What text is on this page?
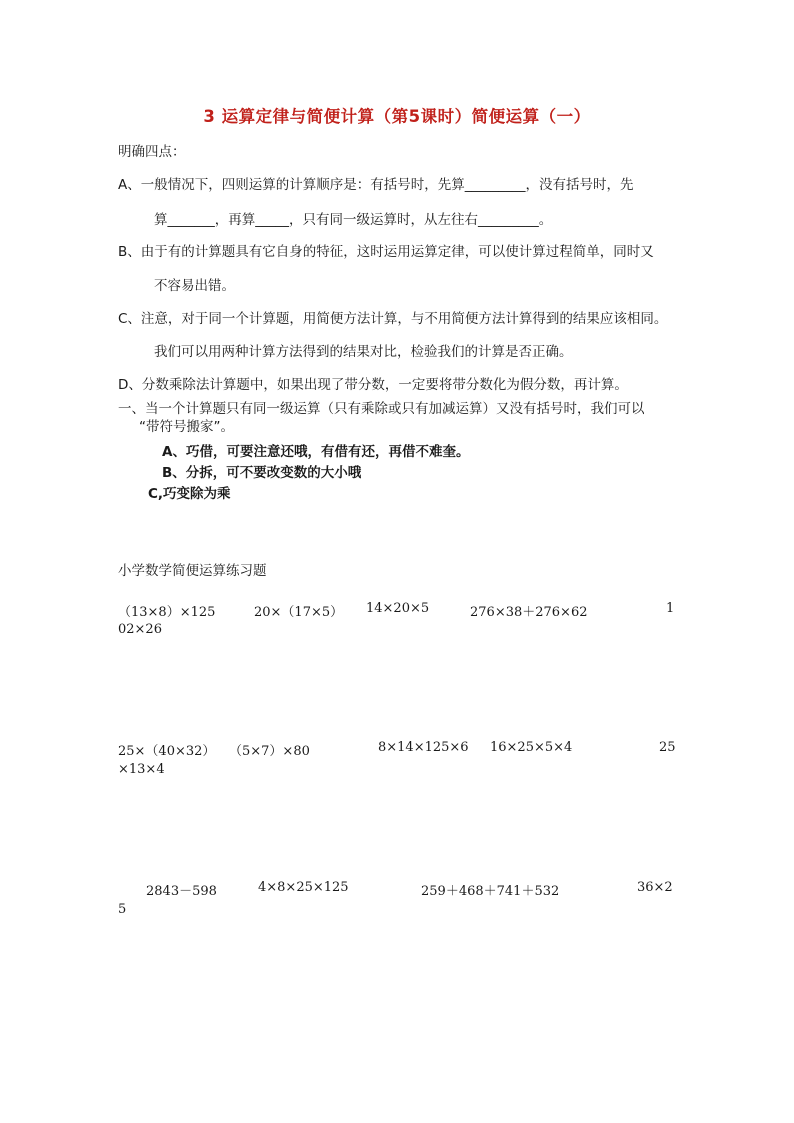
3 运算定律与简便计算（第5课时）简便运算（一）
明确四点：
A、一般情况下，四则运算的计算顺序是：有括号时，先算_________，没有括号时，先
算_______，再算_____，只有同一级运算时，从左往右_________。
B、由于有的计算题具有它自身的特征，这时运用运算定律，可以使计算过程简单，同时又
不容易出错。
C、注意，对于同一个计算题，用简便方法计算，与不用简便方法计算得到的结果应该相同。
我们可以用两种计算方法得到的结果对比，检验我们的计算是否正确。
D、分数乘除法计算题中，如果出现了带分数，一定要将带分数化为假分数，再计算。
一、当一个计算题只有同一级运算（只有乘除或只有加减运算）又没有括号时，我们可以
“带符号搬家”。
A、巧借，可要注意还哦，有借有还，再借不难奎。
B、分拆，可不要改变数的大小哦
C,巧变除为乘
小学数学简便运算练习题
（13×8）×125	20×（17×5） 14×20×5	276×38＋276×62	1
02×26
25×（40×32） （5×7）×80	8×14×125×6 16×25×5×4	25
×13×4
2843－598	4×8×25×125	259＋468＋741＋532	36×2
5
